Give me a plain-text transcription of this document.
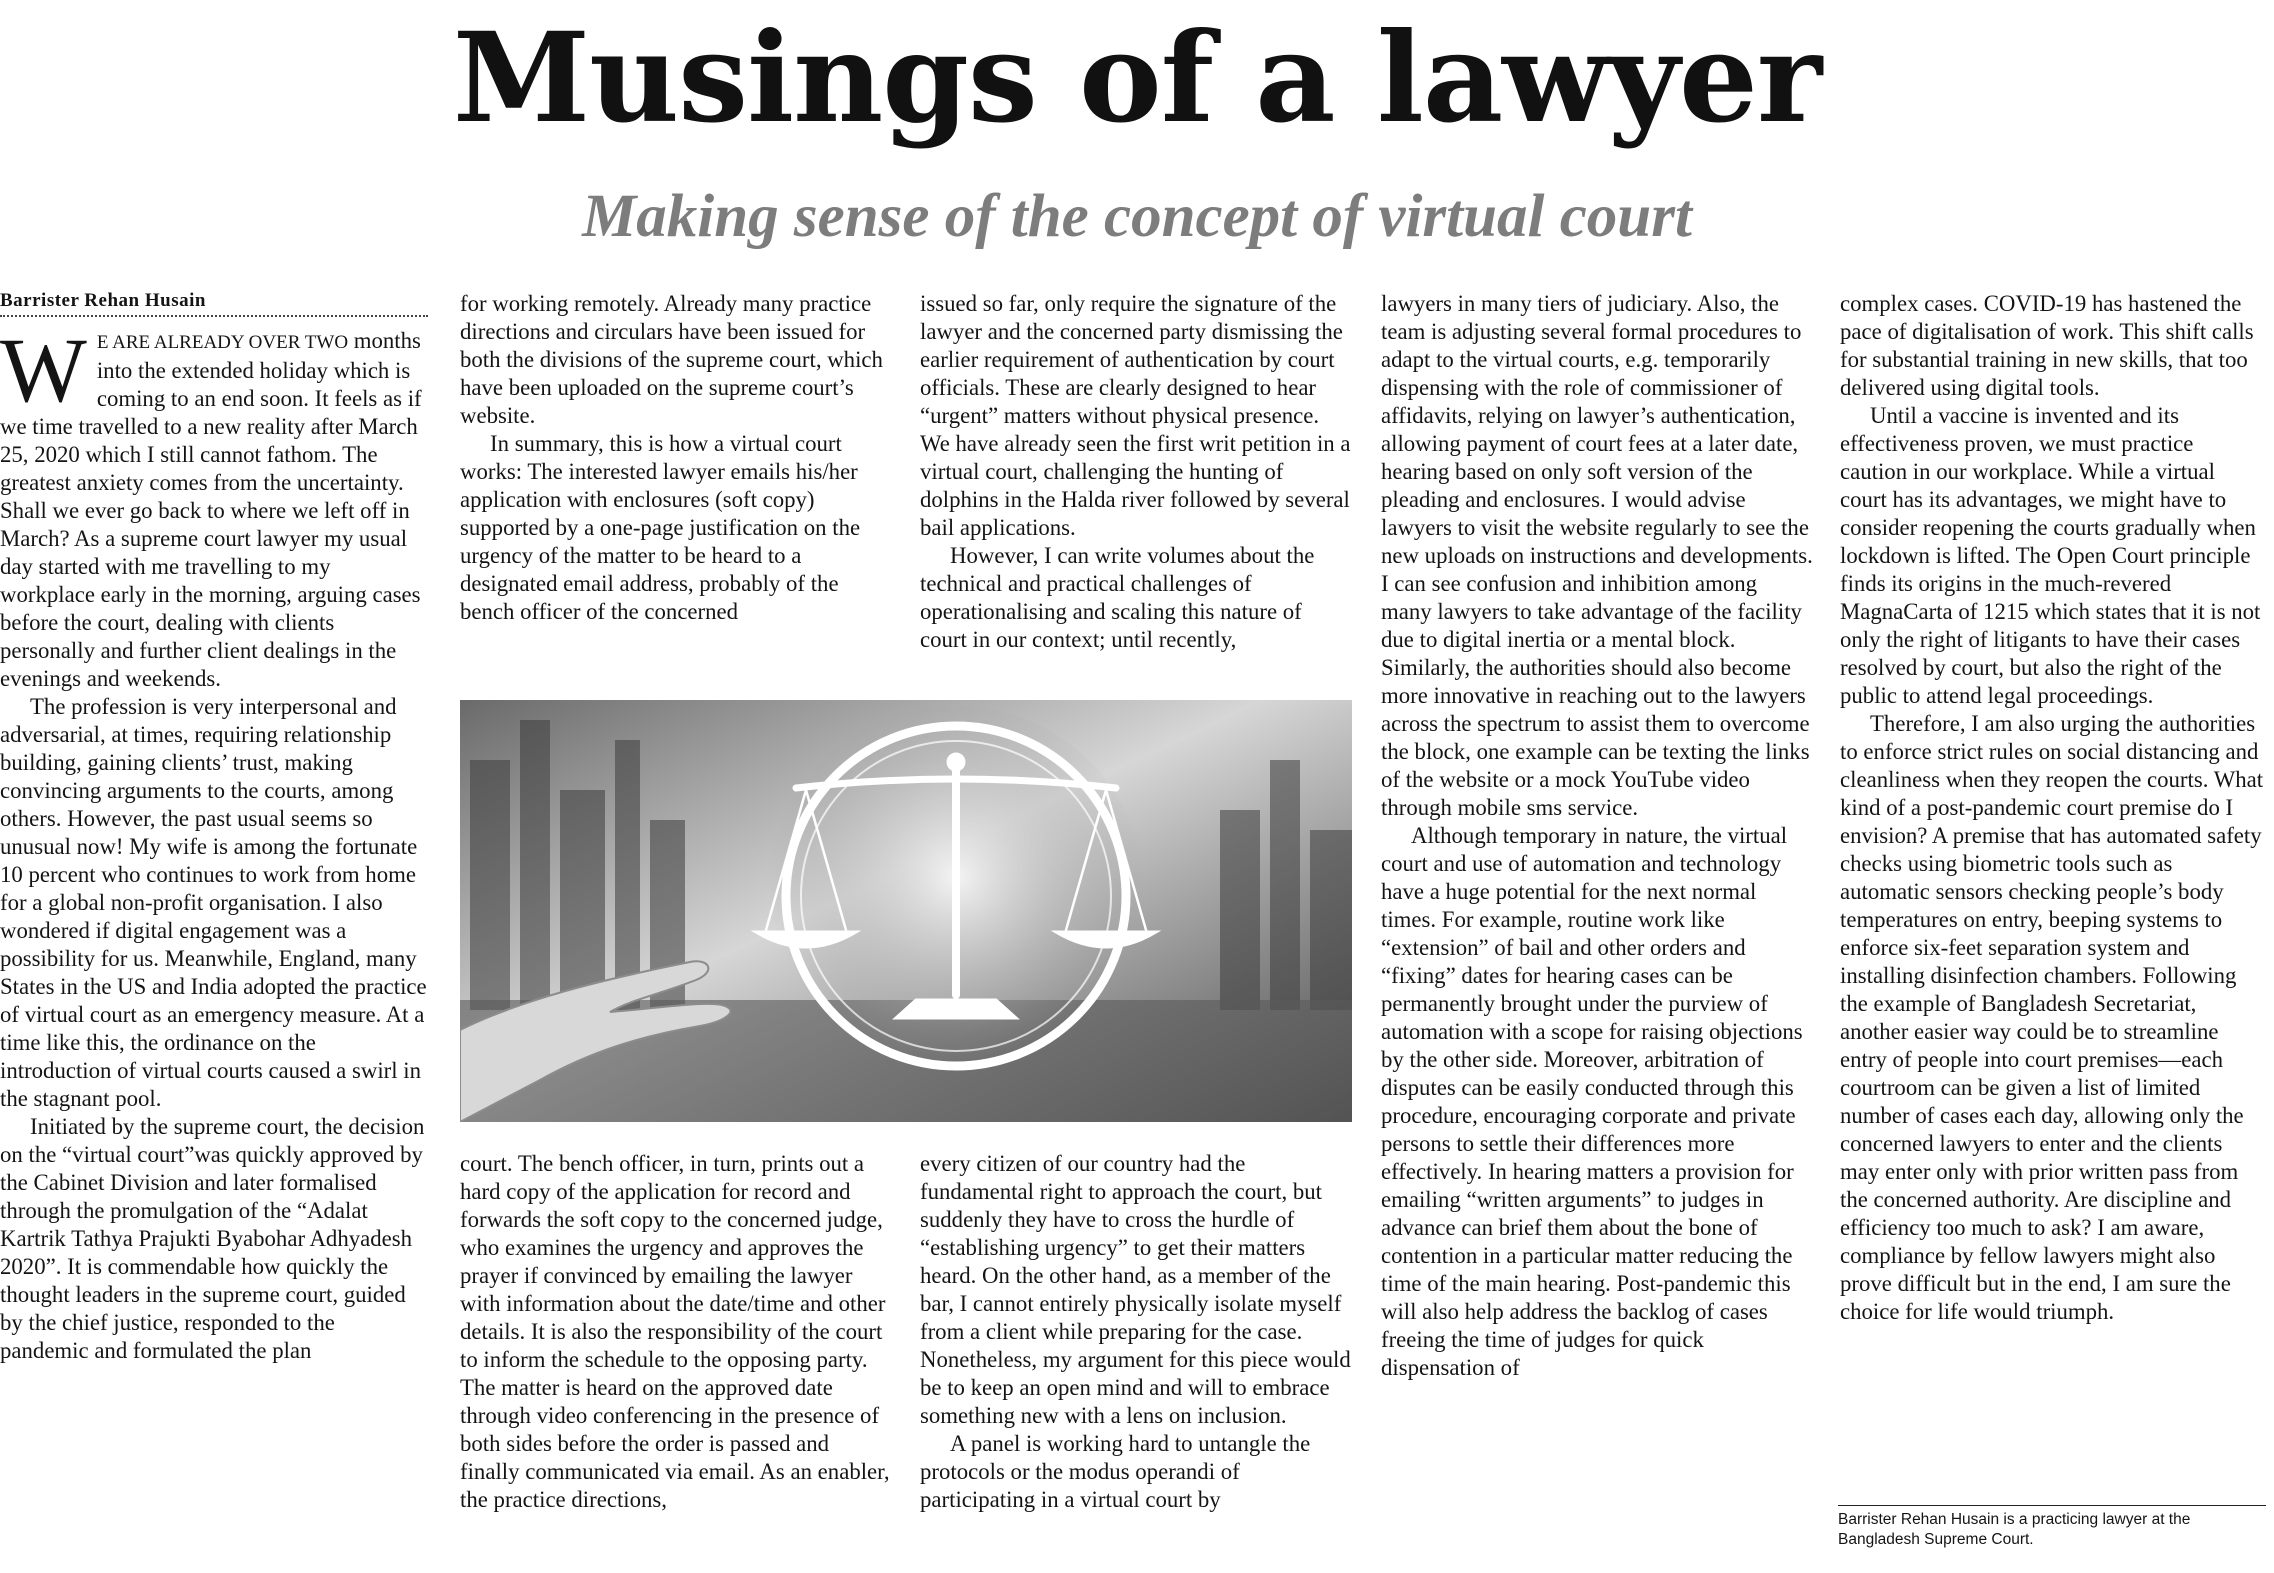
Musings of a lawyer
Making sense of the concept of virtual court
Barrister Rehan Husain

WE ARE ALREADY OVER TWO months into the extended holiday which is coming to an end soon. It feels as if we time travelled to a new reality after March 25, 2020 which I still cannot fathom. The greatest anxiety comes from the uncertainty. Shall we ever go back to where we left off in March? As a supreme court lawyer my usual day started with me travelling to my workplace early in the morning, arguing cases before the court, dealing with clients personally and further client dealings in the evenings and weekends.

The profession is very interpersonal and adversarial, at times, requiring relationship building, gaining clients’ trust, making convincing arguments to the courts, among others. However, the past usual seems so unusual now! My wife is among the fortunate 10 percent who continues to work from home for a global non-profit organisation. I also wondered if digital engagement was a possibility for us. Meanwhile, England, many States in the US and India adopted the practice of virtual court as an emergency measure. At a time like this, the ordinance on the introduction of virtual courts caused a swirl in the stagnant pool.

Initiated by the supreme court, the decision on the “virtual court”was quickly approved by the Cabinet Division and later formalised through the promulgation of the “Adalat Kartrik Tathya Prajukti Byabohar Adhyadesh 2020”. It is commendable how quickly the thought leaders in the supreme court, guided by the chief justice, responded to the pandemic and formulated the plan

for working remotely. Already many practice directions and circulars have been issued for both the divisions of the supreme court, which have been uploaded on the supreme court’s website.

In summary, this is how a virtual court works: The interested lawyer emails his/her application with enclosures (soft copy) supported by a one-page justification on the urgency of the matter to be heard to a designated email address, probably of the bench officer of the concerned

issued so far, only require the signature of the lawyer and the concerned party dismissing the earlier requirement of authentication by court officials. These are clearly designed to hear “urgent” matters without physical presence. We have already seen the first writ petition in a virtual court, challenging the hunting of dolphins in the Halda river followed by several bail applications.

However, I can write volumes about the technical and practical challenges of operationalising and scaling this nature of court in our context; until recently,

court. The bench officer, in turn, prints out a hard copy of the application for record and forwards the soft copy to the concerned judge, who examines the urgency and approves the prayer if convinced by emailing the lawyer with information about the date/time and other details. It is also the responsibility of the court to inform the schedule to the opposing party. The matter is heard on the approved date through video conferencing in the presence of both sides before the order is passed and finally communicated via email. As an enabler, the practice directions,

every citizen of our country had the fundamental right to approach the court, but suddenly they have to cross the hurdle of “establishing urgency” to get their matters heard. On the other hand, as a member of the bar, I cannot entirely physically isolate myself from a client while preparing for the case. Nonetheless, my argument for this piece would be to keep an open mind and will to embrace something new with a lens on inclusion.

A panel is working hard to untangle the protocols or the modus operandi of participating in a virtual court by

lawyers in many tiers of judiciary. Also, the team is adjusting several formal procedures to adapt to the virtual courts, e.g. temporarily dispensing with the role of commissioner of affidavits, relying on lawyer’s authentication, allowing payment of court fees at a later date, hearing based on only soft version of the pleading and enclosures. I would advise lawyers to visit the website regularly to see the new uploads on instructions and developments. I can see confusion and inhibition among many lawyers to take advantage of the facility due to digital inertia or a mental block. Similarly, the authorities should also become more innovative in reaching out to the lawyers across the spectrum to assist them to overcome the block, one example can be texting the links of the website or a mock YouTube video through mobile sms service.

Although temporary in nature, the virtual court and use of automation and technology have a huge potential for the next normal times. For example, routine work like “extension” of bail and other orders and “fixing” dates for hearing cases can be permanently brought under the purview of automation with a scope for raising objections by the other side. Moreover, arbitration of disputes can be easily conducted through this procedure, encouraging corporate and private persons to settle their differences more effectively. In hearing matters a provision for emailing “written arguments” to judges in advance can brief them about the bone of contention in a particular matter reducing the time of the main hearing. Post-pandemic this will also help address the backlog of cases freeing the time of judges for quick dispensation of

complex cases. COVID-19 has hastened the pace of digitalisation of work. This shift calls for substantial training in new skills, that too delivered using digital tools.

Until a vaccine is invented and its effectiveness proven, we must practice caution in our workplace. While a virtual court has its advantages, we might have to consider reopening the courts gradually when lockdown is lifted. The Open Court principle finds its origins in the much-revered MagnaCarta of 1215 which states that it is not only the right of litigants to have their cases resolved by court, but also the right of the public to attend legal proceedings.

Therefore, I am also urging the authorities to enforce strict rules on social distancing and cleanliness when they reopen the courts. What kind of a post-pandemic court premise do I envision? A premise that has automated safety checks using biometric tools such as automatic sensors checking people’s body temperatures on entry, beeping systems to enforce six-feet separation system and installing disinfection chambers. Following the example of Bangladesh Secretariat, another easier way could be to streamline entry of people into court premises—each courtroom can be given a list of limited number of cases each day, allowing only the concerned lawyers to enter and the clients may enter only with prior written pass from the concerned authority. Are discipline and efficiency too much to ask? I am aware, compliance by fellow lawyers might also prove difficult but in the end, I am sure the choice for life would triumph.

Barrister Rehan Husain is a practicing lawyer at the Bangladesh Supreme Court.
